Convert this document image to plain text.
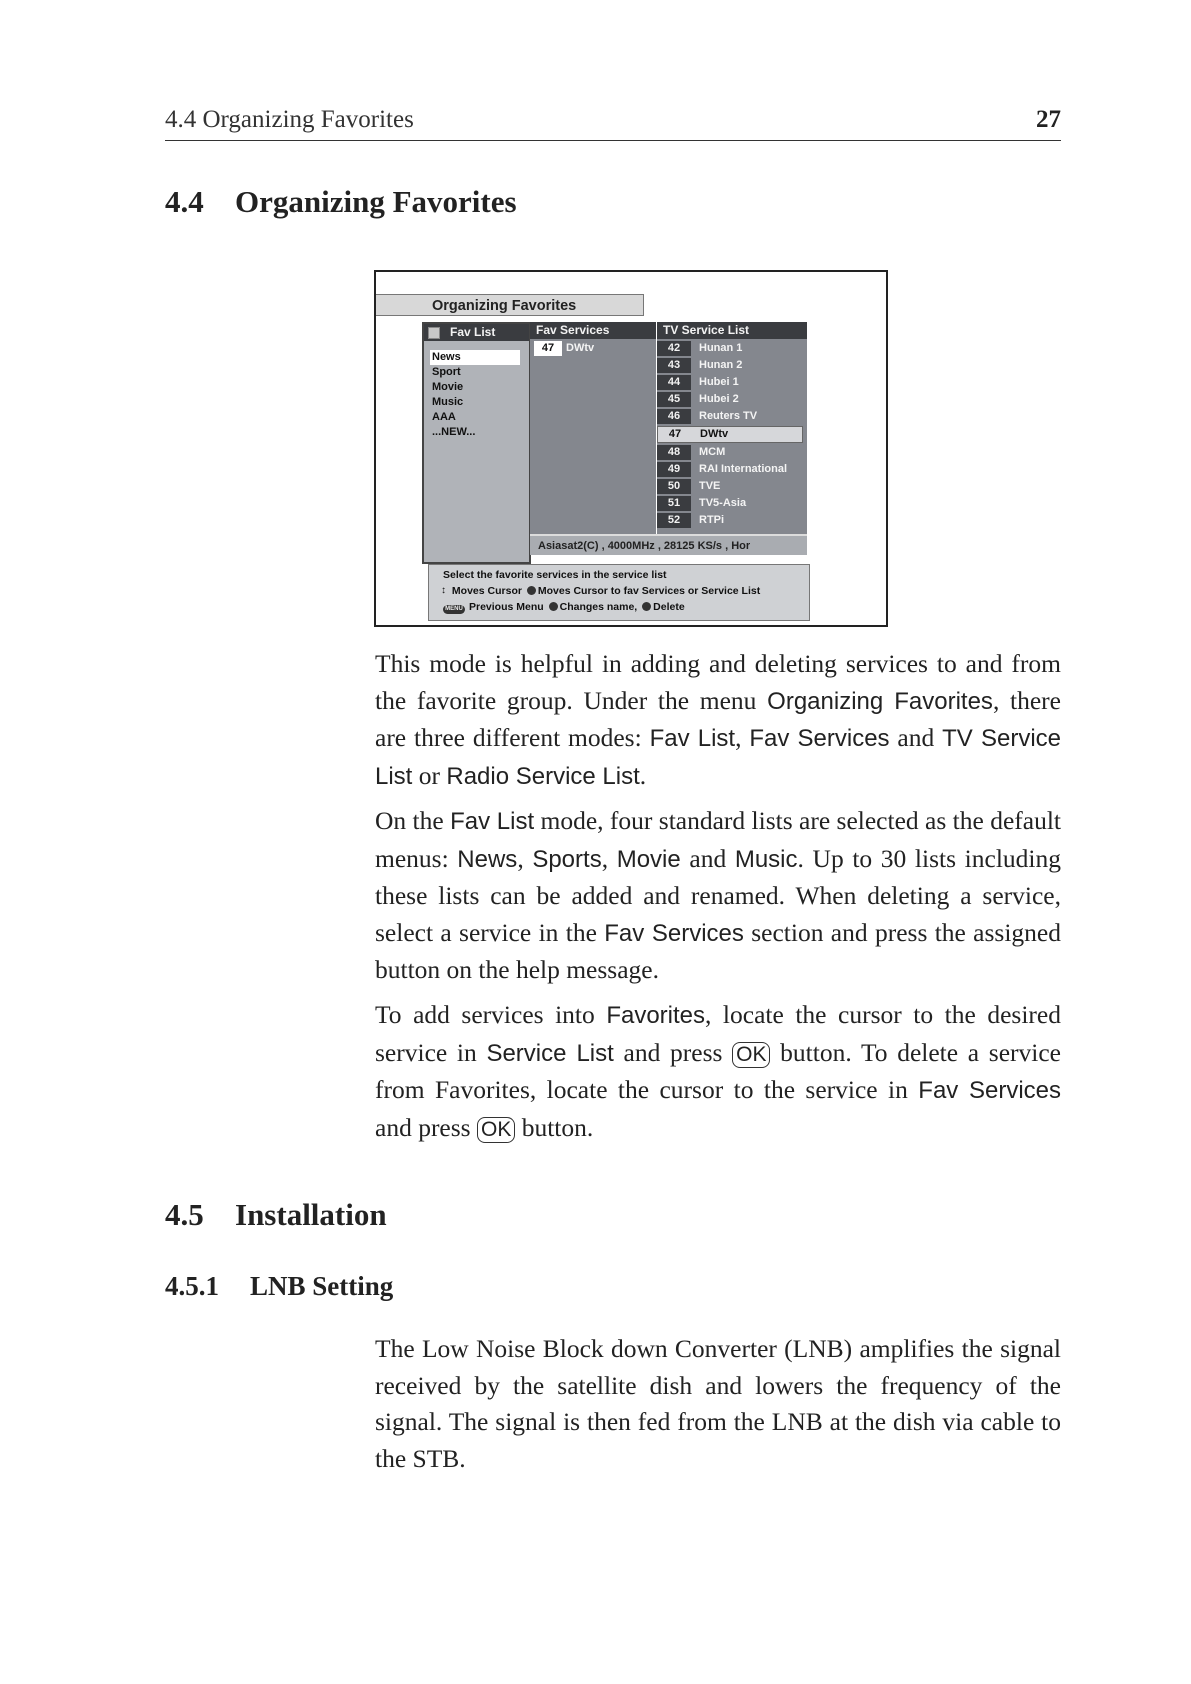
4.4 Organizing Favorites	27
4.4 Organizing Favorites
Organizing Favorites
Fav List
News
Sport
Movie
Music
AAA
...NEW...
Fav Services
47	DWtv
TV Service List
42	Hunan 1
43	Hunan 2
44	Hubei 1
45	Hubei 2
46	Reuters TV
47	DWtv
48	MCM
49	RAI International
50	TVE
51	TV5-Asia
52	RTPi
Asiasat2(C) , 4000MHz , 28125 KS/s , Hor
Select the favorite services in the service list
↕ Moves Cursor Moves Cursor to fav Services or Service List
MENU Previous Menu Changes name, Delete

This mode is helpful in adding and deleting services to and from the favorite group. Under the menu Organizing Favorites, there are three different modes: Fav List, Fav Services and TV Service List or Radio Service List.

On the Fav List mode, four standard lists are selected as the default menus: News, Sports, Movie and Music. Up to 30 lists including these lists can be added and renamed. When deleting a service, select a service in the Fav Services section and press the assigned button on the help message.

To add services into Favorites, locate the cursor to the desired service in Service List and press OK button. To delete a service from Favorites, locate the cursor to the service in Fav Services and press OK button.

4.5 Installation
4.5.1 LNB Setting

The Low Noise Block down Converter (LNB) amplifies the signal received by the satellite dish and lowers the frequency of the signal. The signal is then fed from the LNB at the dish via cable to the STB.
